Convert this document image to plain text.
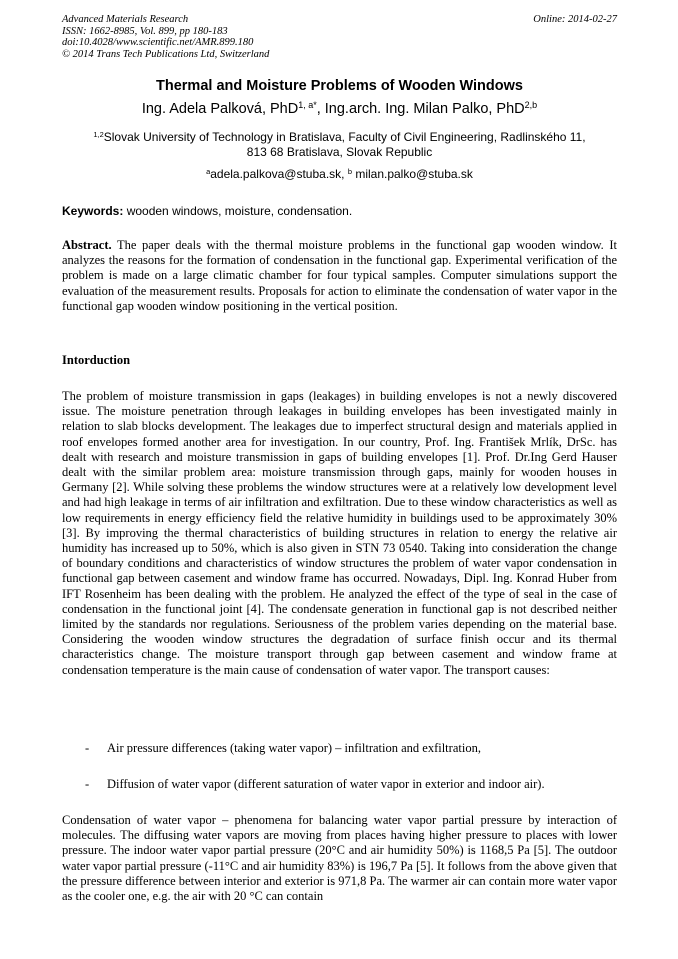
Advanced Materials Research
ISSN: 1662-8985, Vol. 899, pp 180-183
doi:10.4028/www.scientific.net/AMR.899.180
© 2014 Trans Tech Publications Ltd, Switzerland
Online: 2014-02-27
Thermal and Moisture Problems of Wooden Windows
Ing. Adela Palková, PhD$^{1, a*}$, Ing.arch. Ing. Milan Palko, PhD$^{2,b}$
$^{1,2}$Slovak University of Technology in Bratislava, Faculty of Civil Engineering, Radlinského 11,
813 68 Bratislava, Slovak Republic
$^a$adela.palkova@stuba.sk, $^b$ milan.palko@stuba.sk
Keywords: wooden windows, moisture, condensation.
Abstract. The paper deals with the thermal moisture problems in the functional gap wooden window. It analyzes the reasons for the formation of condensation in the functional gap. Experimental verification of the problem is made on a large climatic chamber for four typical samples. Computer simulations support the evaluation of the measurement results. Proposals for action to eliminate the condensation of water vapor in the functional gap wooden window positioning in the vertical position.
Intorduction
The problem of moisture transmission in gaps (leakages) in building envelopes is not a newly discovered issue. The moisture penetration through leakages in building envelopes has been investigated mainly in relation to slab blocks development. The leakages due to imperfect structural design and materials applied in roof envelopes formed another area for investigation. In our country, Prof. Ing. František Mrlík, DrSc. has dealt with research and moisture transmission in gaps of building envelopes [1]. Prof. Dr.Ing Gerd Hauser dealt with the similar problem area: moisture transmission through gaps, mainly for wooden houses in Germany [2]. While solving these problems the window structures were at a relatively low development level and had high leakage in terms of air infiltration and exfiltration. Due to these window characteristics as well as low requirements in energy efficiency field the relative humidity in buildings used to be approximately 30% [3]. By improving the thermal characteristics of building structures in relation to energy the relative air humidity has increased up to 50%, which is also given in STN 73 0540. Taking into consideration the change of boundary conditions and characteristics of window structures the problem of water vapor condensation in functional gap between casement and window frame has occurred. Nowadays, Dipl. Ing. Konrad Huber from IFT Rosenheim has been dealing with the problem. He analyzed the effect of the type of seal in the case of condensation in the functional joint [4]. The condensate generation in functional gap is not described neither limited by the standards nor regulations. Seriousness of the problem varies depending on the material base. Considering the wooden window structures the degradation of surface finish occur and its thermal characteristics change. The moisture transport through gap between casement and window frame at condensation temperature is the main cause of condensation of water vapor. The transport causes:
- Air pressure differences (taking water vapor) – infiltration and exfiltration,
- Diffusion of water vapor (different saturation of water vapor in exterior and indoor air).
Condensation of water vapor – phenomena for balancing water vapor partial pressure by interaction of molecules. The diffusing water vapors are moving from places having higher pressure to places with lower pressure. The indoor water vapor partial pressure (20°C and air humidity 50%) is 1168,5 Pa [5]. The outdoor water vapor partial pressure (-11°C and air humidity 83%) is 196,7 Pa [5]. It follows from the above given that the pressure difference between interior and exterior is 971,8 Pa. The warmer air can contain more water vapor as the cooler one, e.g. the air with 20 °C can contain
